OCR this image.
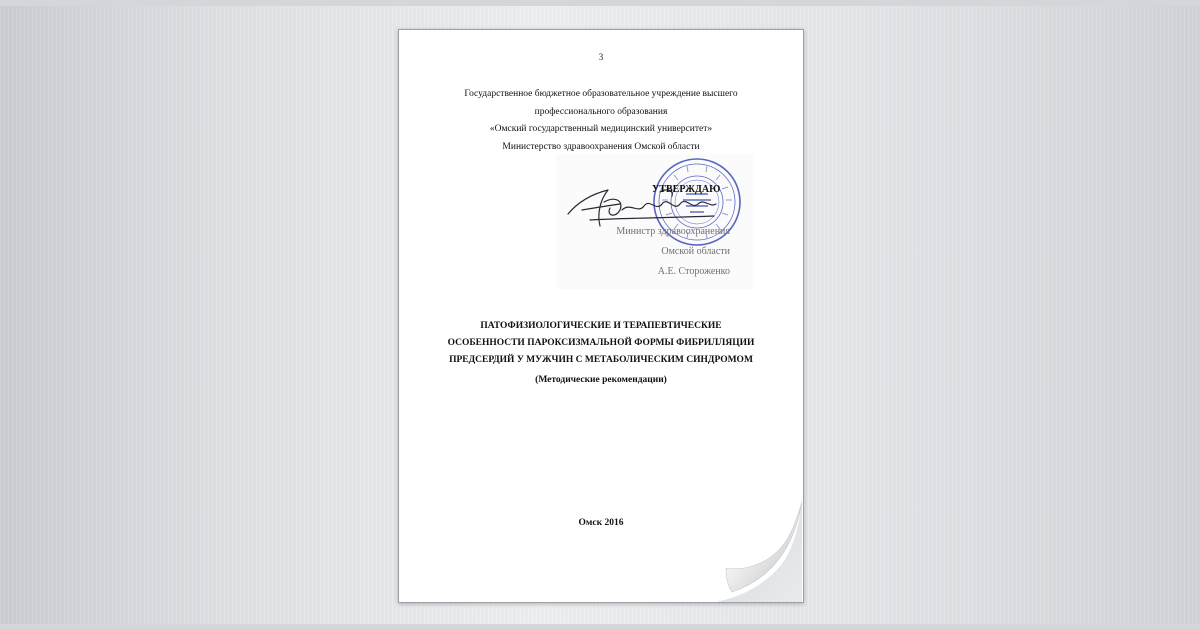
3
Государственное бюджетное образовательное учреждение высшего
профессионального образования
«Омский государственный медицинский университет»
Министерство здравоохранения Омской области
УТВЕРЖДАЮ
Министр здравоохранения
Омской области
А.Е. Стороженко
ПАТОФИЗИОЛОГИЧЕСКИЕ И ТЕРАПЕВТИЧЕСКИЕ
ОСОБЕННОСТИ ПАРОКСИЗМАЛЬНОЙ ФОРМЫ ФИБРИЛЛЯЦИИ
ПРЕДСЕРДИЙ У МУЖЧИН С МЕТАБОЛИЧЕСКИМ СИНДРОМОМ
(Методические рекомендации)
Омск 2016
